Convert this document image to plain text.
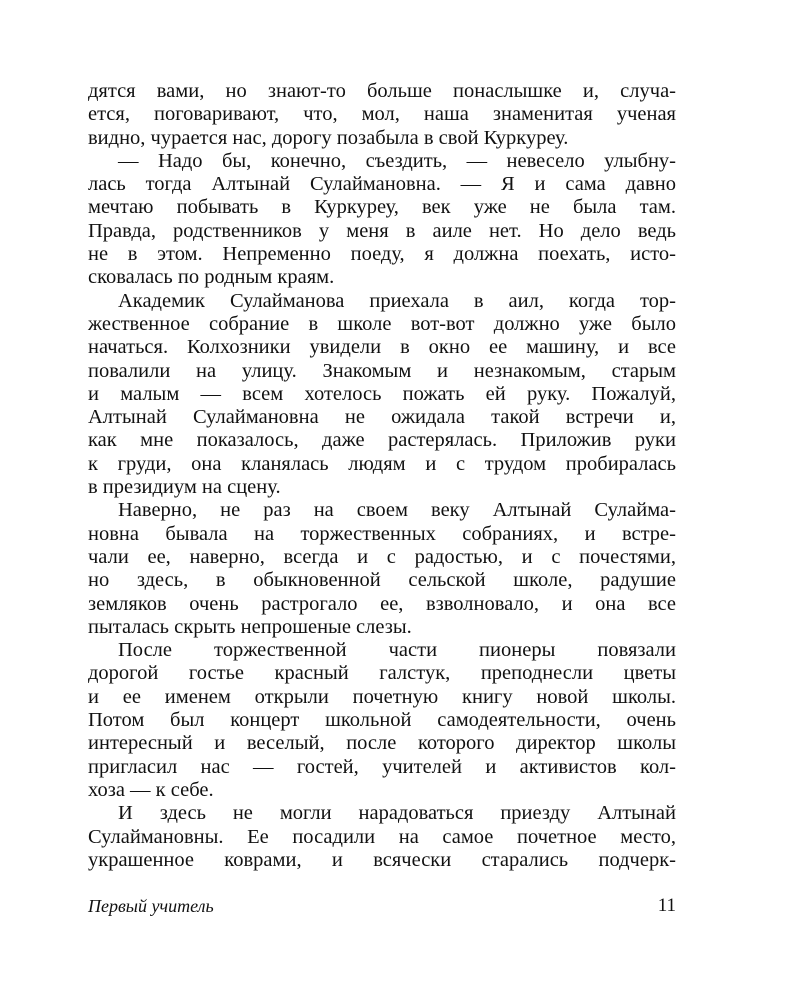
дятся вами, но знают-то больше понаслышке и, случа-
ется, поговаривают, что, мол, наша знаменитая ученая
видно, чурается нас, дорогу позабыла в свой Куркуреу.
— Надо бы, конечно, съездить, — невесело улыбну-
лась тогда Алтынай Сулаймановна. — Я и сама давно
мечтаю побывать в Куркуреу, век уже не была там.
Правда, родственников у меня в аиле нет. Но дело ведь
не в этом. Непременно поеду, я должна поехать, исто-
сковалась по родным краям.
Академик Сулайманова приехала в аил, когда тор-
жественное собрание в школе вот-вот должно уже было
начаться. Колхозники увидели в окно ее машину, и все
повалили на улицу. Знакомым и незнакомым, старым
и малым — всем хотелось пожать ей руку. Пожалуй,
Алтынай Сулаймановна не ожидала такой встречи и,
как мне показалось, даже растерялась. Приложив руки
к груди, она кланялась людям и с трудом пробиралась
в президиум на сцену.
Наверно, не раз на своем веку Алтынай Сулайма-
новна бывала на торжественных собраниях, и встре-
чали ее, наверно, всегда и с радостью, и с почестями,
но здесь, в обыкновенной сельской школе, радушие
земляков очень растрогало ее, взволновало, и она все
пыталась скрыть непрошеные слезы.
После торжественной части пионеры повязали
дорогой гостье красный галстук, преподнесли цветы
и ее именем открыли почетную книгу новой школы.
Потом был концерт школьной самодеятельности, очень
интересный и веселый, после которого директор школы
пригласил нас — гостей, учителей и активистов кол-
хоза — к себе.
И здесь не могли нарадоваться приезду Алтынай
Сулаймановны. Ее посадили на самое почетное место,
украшенное коврами, и всячески старались подчерк-
Первый учитель	11
